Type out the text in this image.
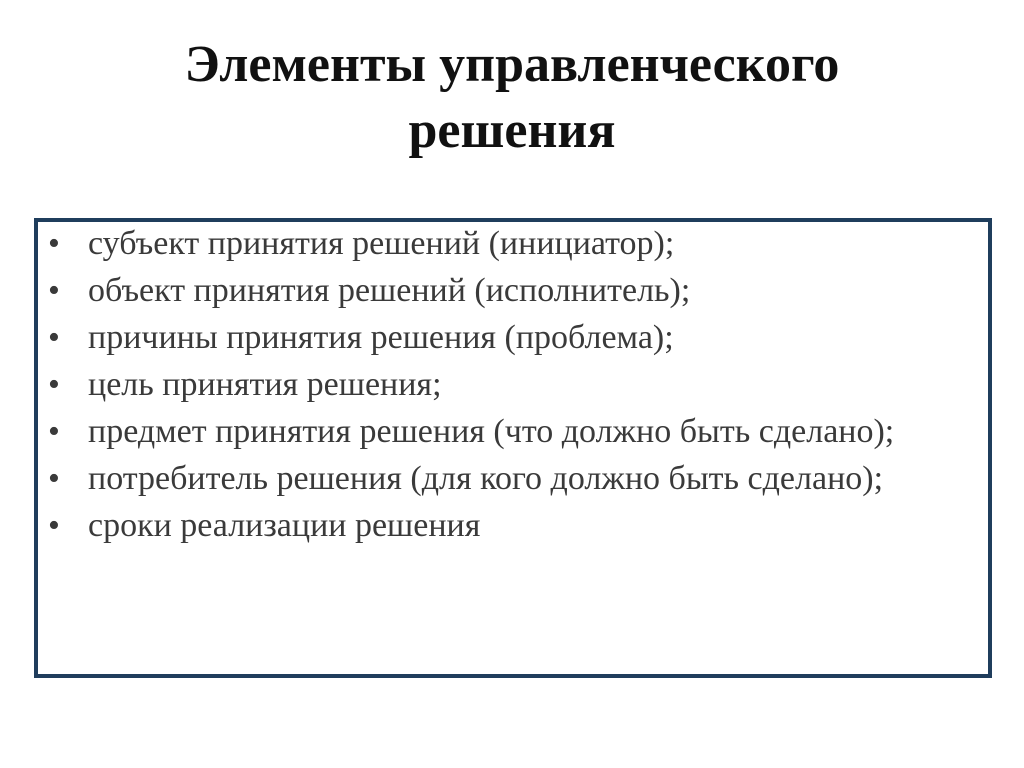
Элементы управленческого
решения
• субъект принятия решений (инициатор);
• объект принятия решений (исполнитель);
• причины принятия решения (проблема);
• цель принятия решения;
• предмет принятия решения (что должно быть сделано);
• потребитель решения (для кого должно быть сделано);
• сроки реализации решения
